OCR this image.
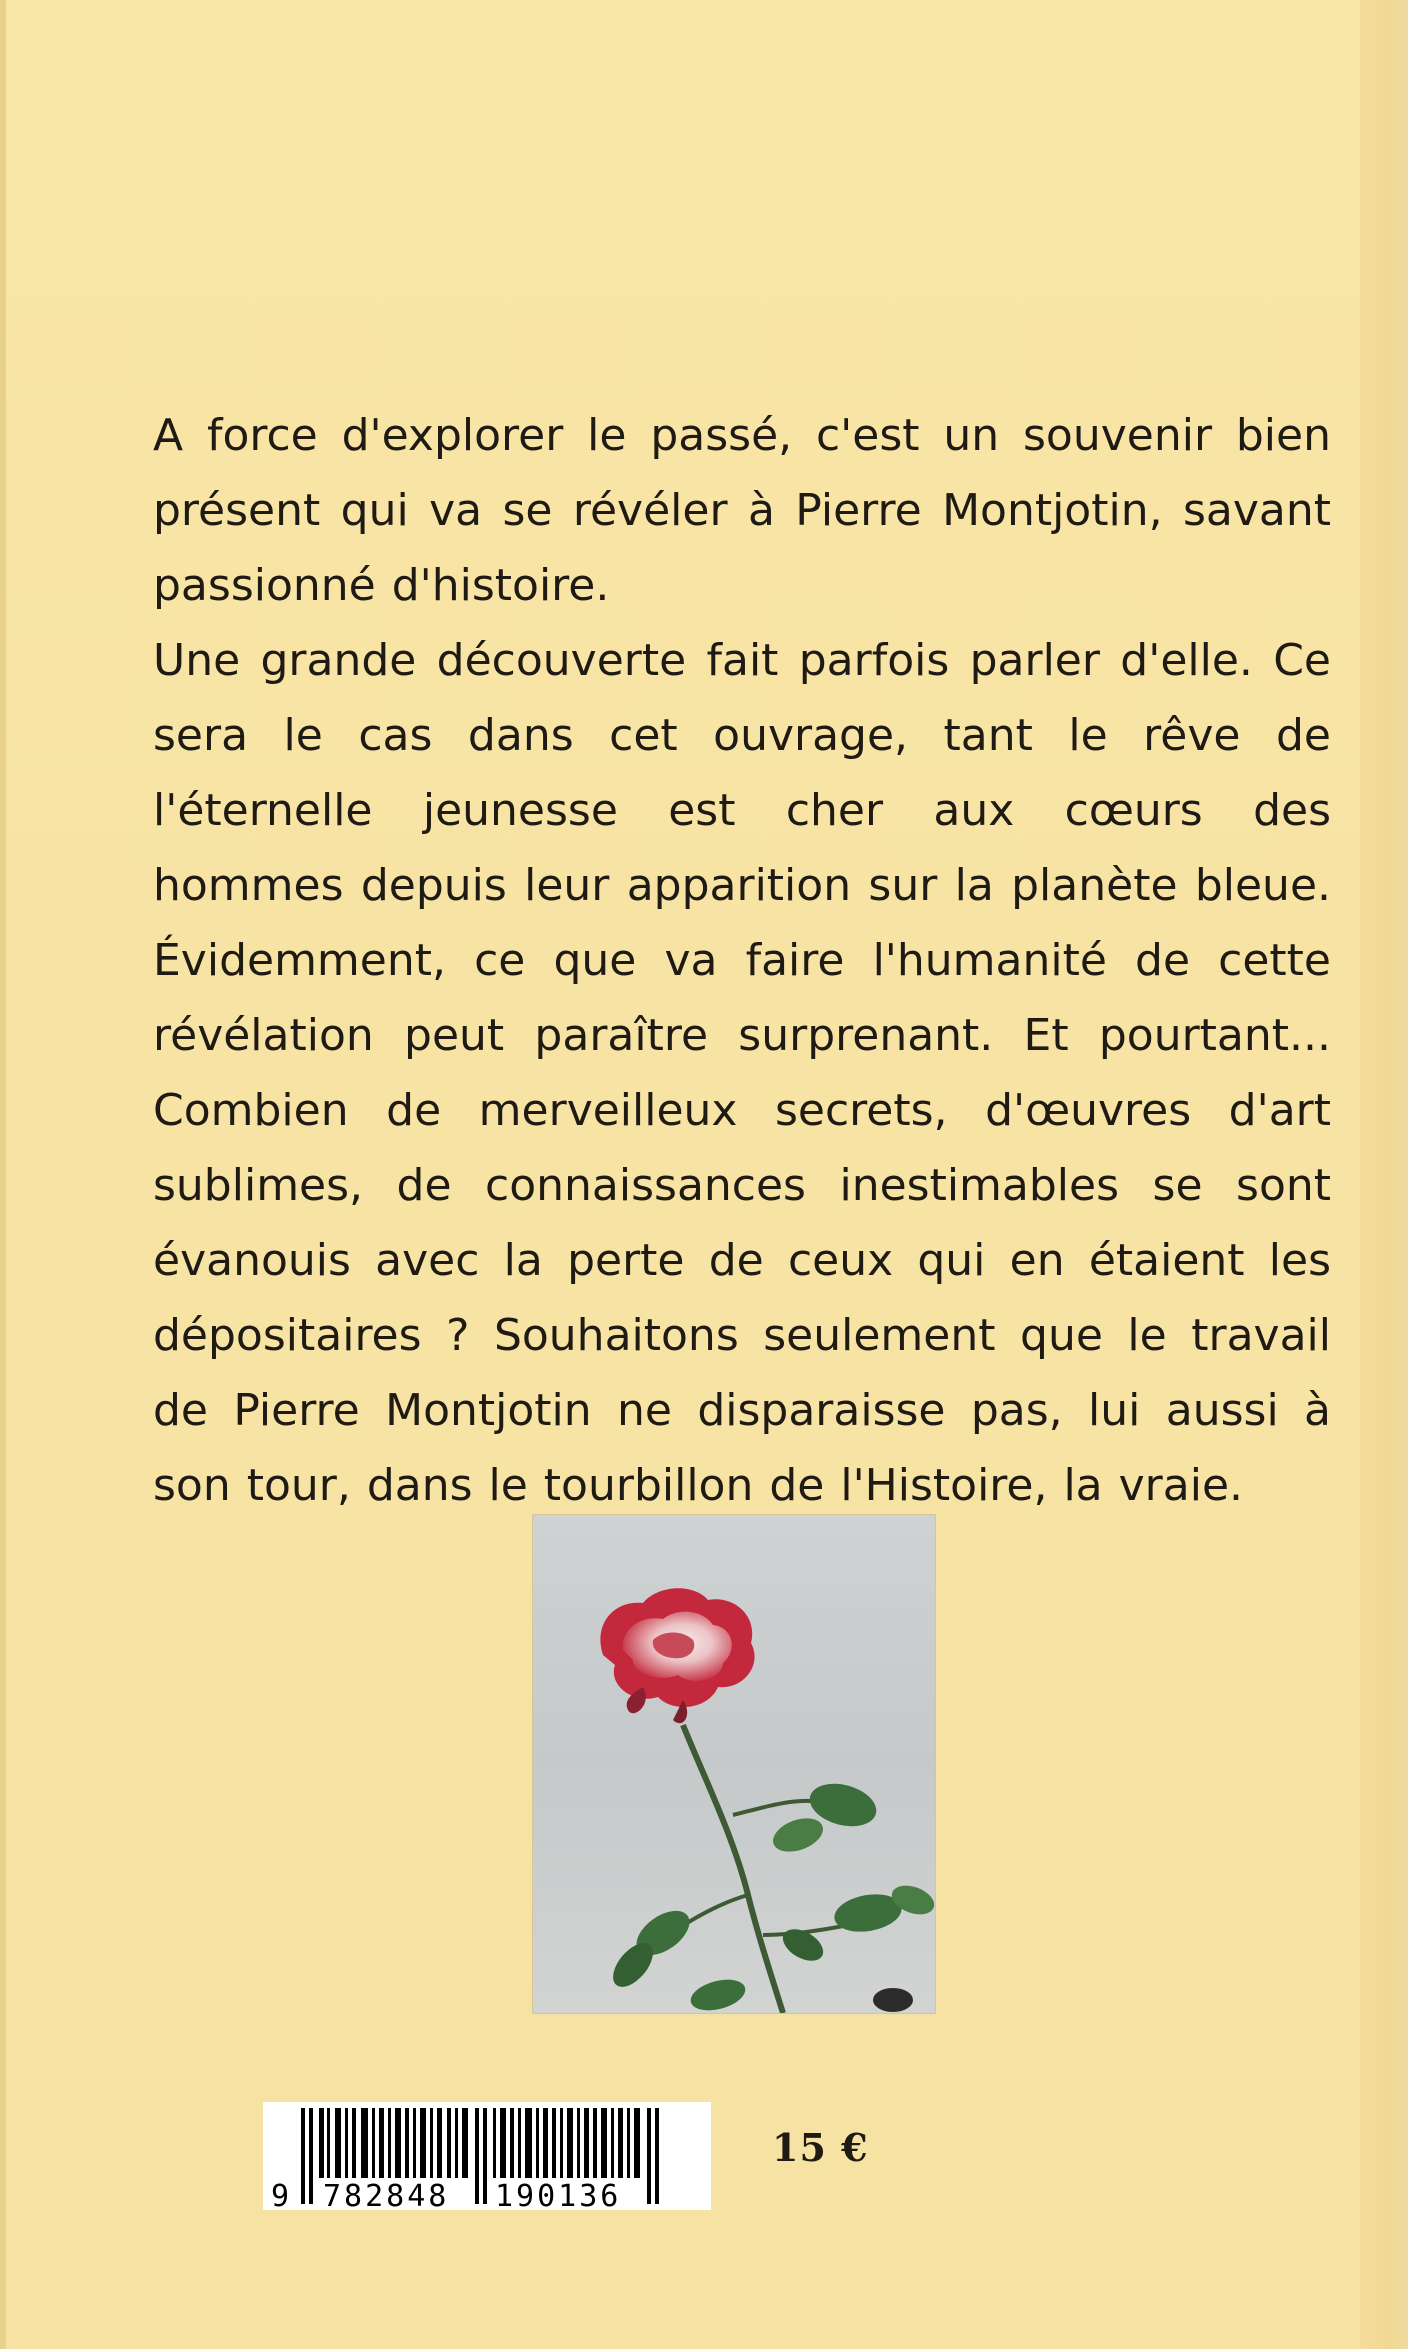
A force d'explorer le passé, c'est un souvenir bien présent qui va se révéler à Pierre Montjotin, savant passionné d'histoire.

Une grande découverte fait parfois parler d'elle. Ce sera le cas dans cet ouvrage, tant le rêve de l'éternelle jeunesse est cher aux cœurs des hommes depuis leur apparition sur la planète bleue. Évidemment, ce que va faire l'humanité de cette révélation peut paraître surprenant. Et pourtant... Combien de merveilleux secrets, d'œuvres d'art sublimes, de connaissances inestimables se sont évanouis avec la perte de ceux qui en étaient les dépositaires ? Souhaitons seulement que le travail de Pierre Montjotin ne disparaisse pas, lui aussi à son tour, dans le tourbillon de l'Histoire, la vraie.

9 782848 190136
15 €
